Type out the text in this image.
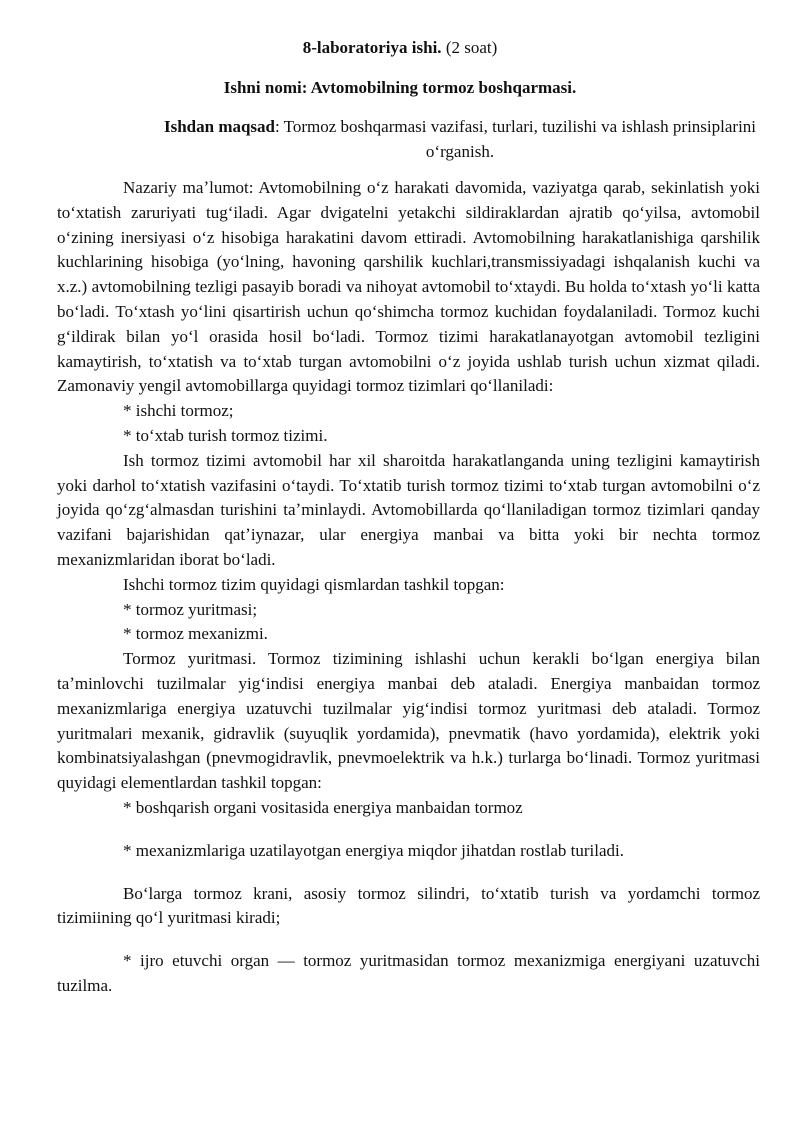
8-laboratoriya ishi. (2 soat)
Ishni nomi: Avtomobilning tormoz boshqarmasi.
Ishdan maqsad: Tormoz boshqarmasi vazifasi, turlari, tuzilishi va ishlash prinsiplarini oʻrganish.

Nazariy maʼlumot: Avtomobilning oʻz harakati davomida, vaziyatga qarab, sekinlatish yoki toʻxtatish zaruriyati tugʻiladi. Agar dvigatelni yetakchi sildiraklardan ajratib qoʻyilsa, avtomobil oʻzining inersiyasi oʻz hisobiga harakatini davom ettiradi. Avtomobilning harakatlanishiga qarshilik kuchlarining hisobiga (yoʻlning, havoning qarshilik kuchlari,transmissiyadagi ishqalanish kuchi va x.z.) avtomobilning tezligi pasayib boradi va nihoyat avtomobil toʻxtaydi. Bu holda toʻxtash yoʻli katta boʻladi. Toʻxtash yoʻlini qisartirish uchun qoʻshimcha tormoz kuchidan foydalaniladi. Tormoz kuchi gʻildirak bilan yoʻl orasida hosil boʻladi. Tormoz tizimi harakatlanayotgan avtomobil tezligini kamaytirish, toʻxtatish va toʻxtab turgan avtomobilni oʻz joyida ushlab turish uchun xizmat qiladi. Zamonaviy yengil avtomobillarga quyidagi tormoz tizimlari qoʻllaniladi:

* ishchi tormoz;

* toʻxtab turish tormoz tizimi.

Ish tormoz tizimi avtomobil har xil sharoitda harakatlanganda uning tezligini kamaytirish yoki darhol toʻxtatish vazifasini oʻtaydi. Toʻxtatib turish tormoz tizimi toʻxtab turgan avtomobilni oʻz joyida qoʻzgʻalmasdan turishini taʼminlaydi. Avtomobillarda qoʻllaniladigan tormoz tizimlari qanday vazifani bajarishidan qatʼiynazar, ular energiya manbai va bitta yoki bir nechta tormoz mexanizmlaridan iborat boʻladi.

Ishchi tormoz tizim quyidagi qismlardan tashkil topgan:

* tormoz yuritmasi;

* tormoz mexanizmi.

Tormoz yuritmasi. Tormoz tizimining ishlashi uchun kerakli boʻlgan energiya bilan taʼminlovchi tuzilmalar yigʻindisi energiya manbai deb ataladi. Energiya manbaidan tormoz mexanizmlariga energiya uzatuvchi tuzilmalar yigʻindisi tormoz yuritmasi deb ataladi. Tormoz yuritmalari mexanik, gidravlik (suyuqlik yordamida), pnevmatik (havo yordamida), elektrik yoki kombinatsiyalashgan (pnevmogidravlik, pnevmoelektrik va h.k.) turlarga boʻlinadi. Tormoz yuritmasi quyidagi elementlardan tashkil topgan:

* boshqarish organi vositasida energiya manbaidan tormoz

* mexanizmlariga uzatilayotgan energiya miqdor jihatdan rostlab turiladi.

Boʻlarga tormoz krani, asosiy tormoz silindri, toʻxtatib turish va yordamchi tormoz tizimiining qoʻl yuritmasi kiradi;

* ijro etuvchi organ — tormoz yuritmasidan tormoz mexanizmiga energiyani uzatuvchi tuzilma.
